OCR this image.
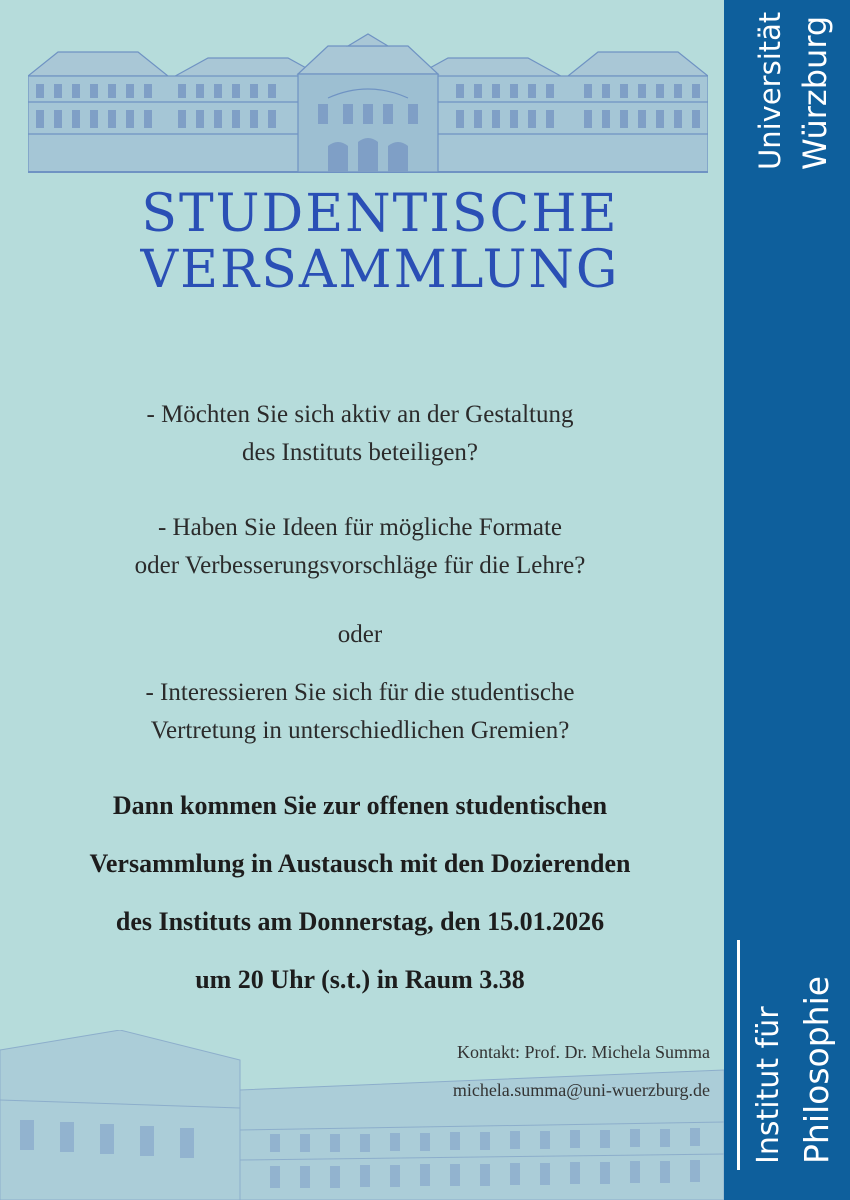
STUDENTISCHE
VERSAMMLUNG
- Möchten Sie sich aktiv an der Gestaltung
des Instituts beteiligen?
- Haben Sie Ideen für mögliche Formate
oder Verbesserungsvorschläge für die Lehre?
oder
- Interessieren Sie sich für die studentische
Vertretung in unterschiedlichen Gremien?
Dann kommen Sie zur offenen studentischen
Versammlung in Austausch mit den Dozierenden
des Instituts am Donnerstag, den 15.01.2026
um 20 Uhr (s.t.) in Raum 3.38
Kontakt: Prof. Dr. Michela Summa
michela.summa@uni-wuerzburg.de
Universität Würzburg
Institut für Philosophie
